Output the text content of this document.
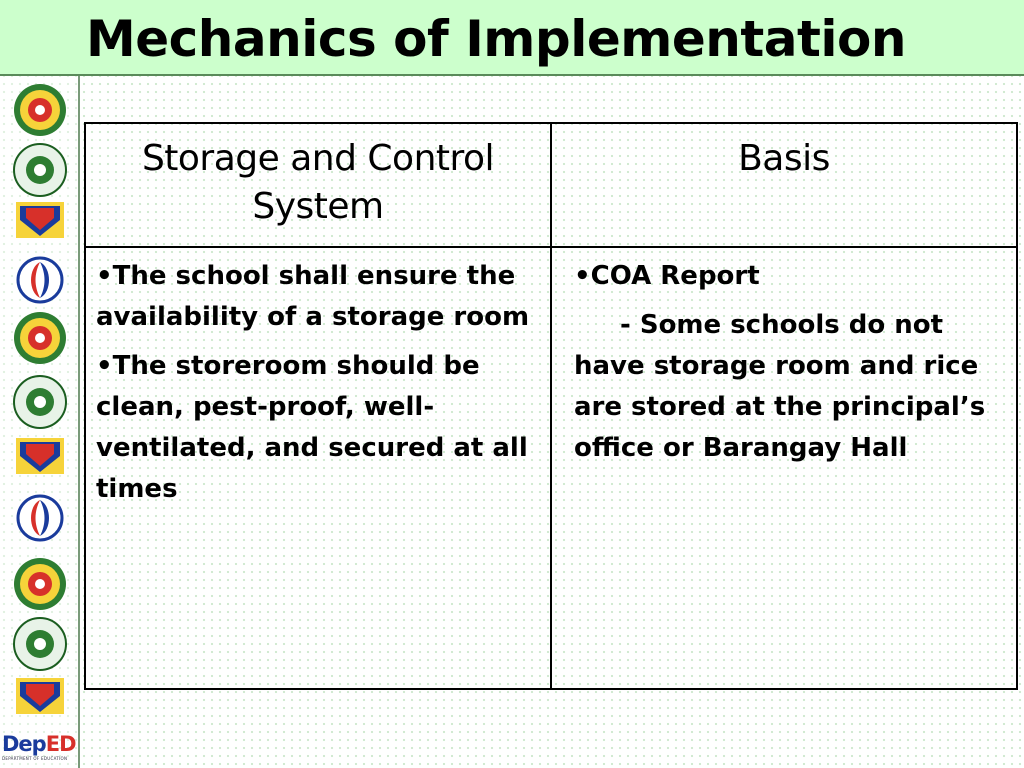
Mechanics of Implementation
DepED
DEPARTMENT OF EDUCATION
Storage and Control System
Basis

•The school shall ensure the availability of a storage room

•The storeroom should be clean, pest-proof, well-ventilated, and secured at all times

•COA Report

- Some schools do not have storage room and rice are stored at the principal’s office or Barangay Hall
